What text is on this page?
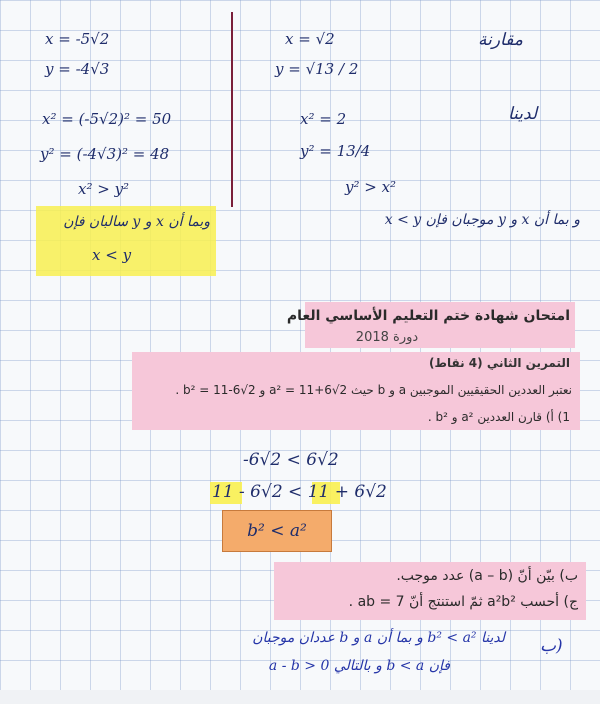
x = -5√2
y = -4√3
x² = (-5√2)² = 50
y² = (-4√3)² = 48
x² > y²
مقارنة
x = √2
y = √13 / 2
لدينا
x² = 2
y² = 13/4
y² > x²
وبما أن x و y سالبان فإن
x < y
و بما أن x و y موجبان فإن x < y
امتحان شهادة ختم التعليم الأساسي العام
دورة 2018
التمرين الثاني (4 نقاط)
نعتبر العددين الحقيقيين الموجبين a و b حيث a² = 11+6√2 و b² = 11-6√2 .
1) أ) قارن العددين a² و b² .
-6√2 < 6√2
11 - 6√2 < 11 + 6√2
b² < a²
ب) بيّن أنّ (a – b) عدد موجب.
ج) أحسب a²b² ثمّ استنتج أنّ ab = 7 .
ب)
لدينا b² < a² و بما أن a و b عددان موجبان
فإن b < a و بالتالي a - b > 0
